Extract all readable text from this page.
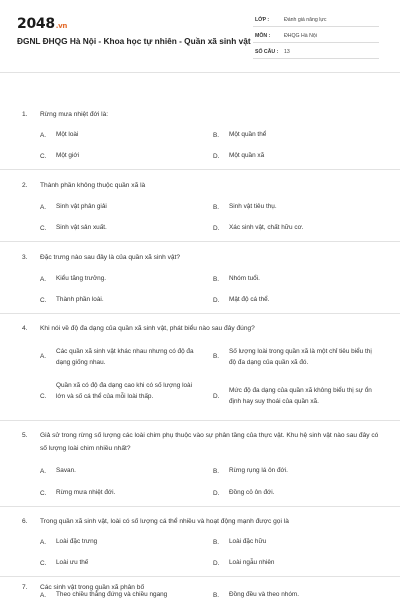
2048.vn
ĐGNL ĐHQG Hà Nội - Khoa học tự nhiên - Quần xã sinh vật
LỚP :	Đánh giá năng lực
MÔN :	ĐHQG Hà Nội
SỐ CÂU : 13
1. Rừng mưa nhiệt đới là:
A. Một loài	B. Một quần thể
C. Một giới	D. Một quần xã
2. Thành phần không thuộc quần xã là
A. Sinh vật phân giải	B. Sinh vật tiêu thụ.
C. Sinh vật sản xuất.	D. Xác sinh vật, chất hữu cơ.
3. Đặc trưng nào sau đây là của quần xã sinh vật?
A. Kiểu tăng trưởng.	B. Nhóm tuổi.
C. Thành phần loài.	D. Mật độ cá thể.
4. Khi nói về độ đa dạng của quần xã sinh vật, phát biểu nào sau đây đúng?
A.
Các quần xã sinh vật khác nhau nhưng có độ đa dạng giống nhau.
B.
Số lượng loài trong quần xã là một chỉ tiêu biểu thị độ đa dạng của quần xã đó.
C.
Quần xã có độ đa dạng cao khi có số lượng loài lớn và số cá thể của mỗi loài thấp.	D.
Mức độ đa dạng của quần xã không biểu thị sự ổn định hay suy thoái của quần xã.
5. Giả sử trong rừng số lượng các loài chim phụ thuộc vào sự phân tầng của thực vật. Khu hệ sinh vật nào sau đây có số lượng loài chim nhiều nhất?
A. Savan.	B. Rừng rụng lá ôn đới.
C. Rừng mưa nhiệt đới.	D. Đồng cỏ ôn đới.
6. Trong quần xã sinh vật, loài có số lượng cá thể nhiều và hoạt động mạnh được gọi là
A. Loài đặc trưng	B. Loài đặc hữu
C. Loài ưu thế	D. Loài ngẫu nhiên
7. Các sinh vật trong quần xã phân bố
A. Theo chiều thẳng đứng và chiều ngang	B. Đồng đều và theo nhóm.
